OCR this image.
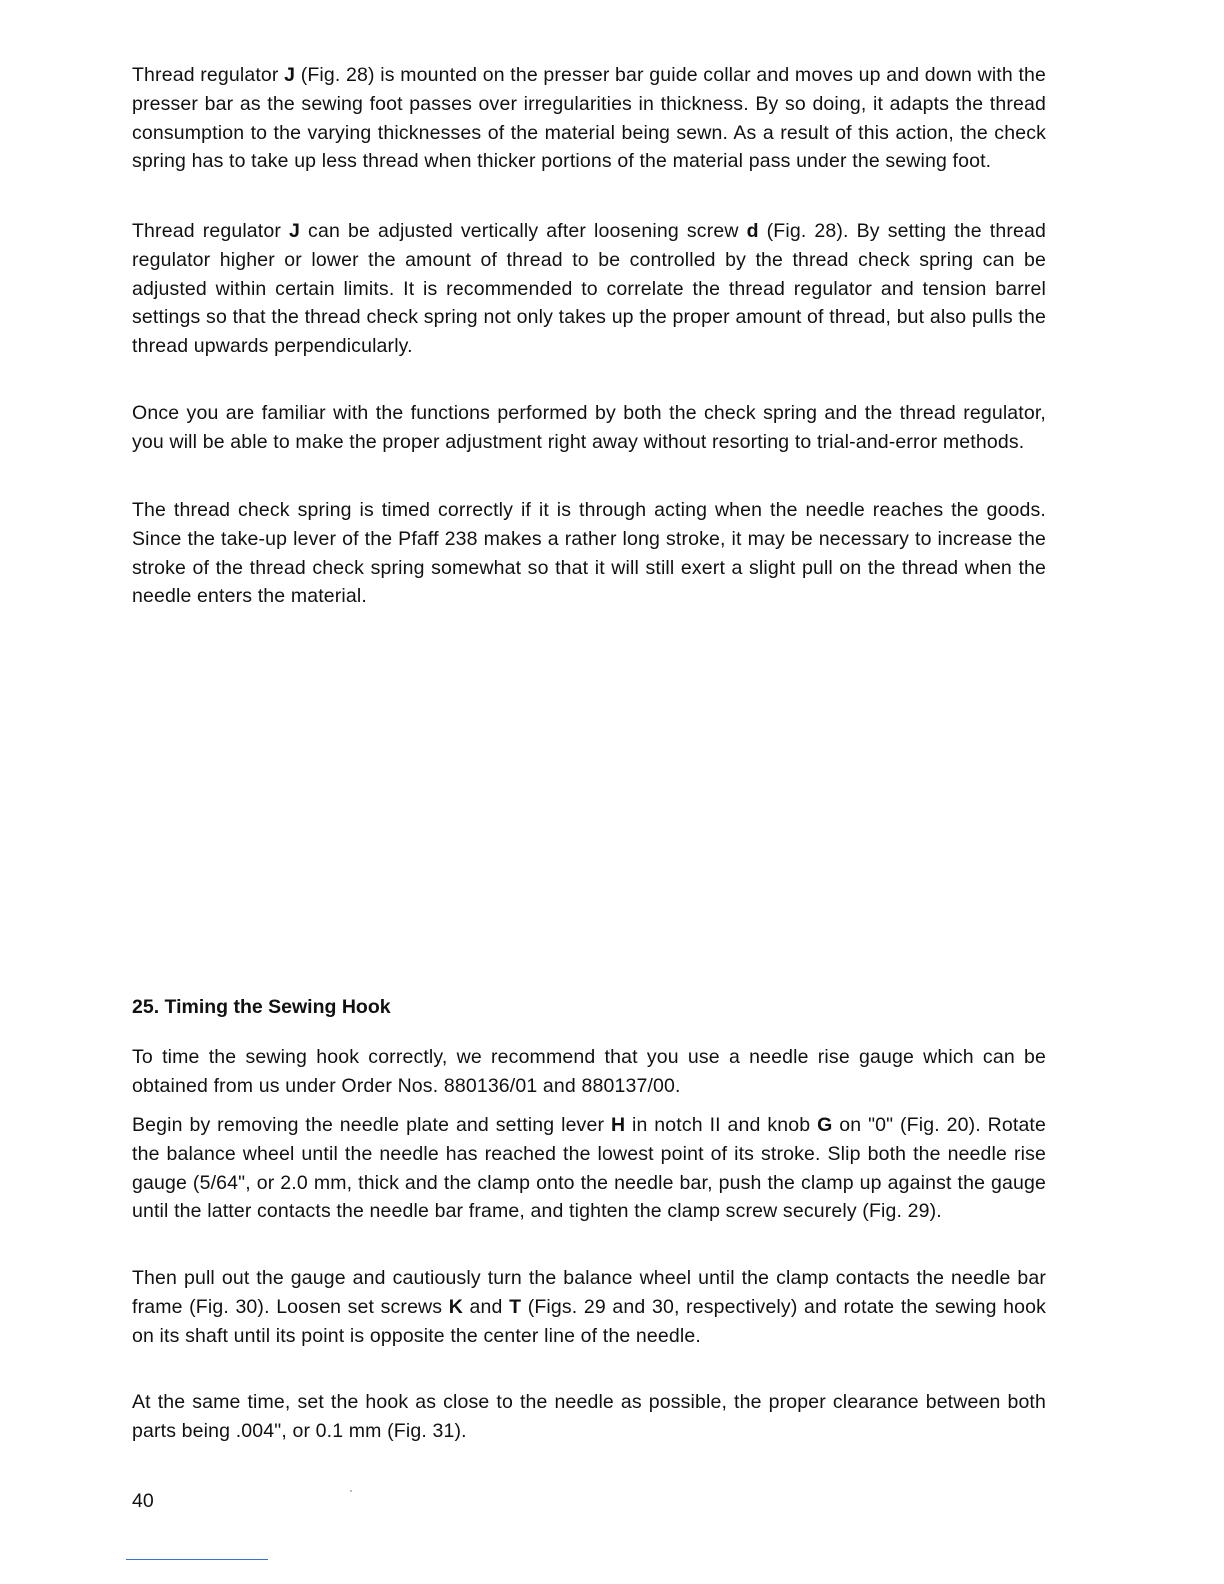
Thread regulator J (Fig. 28) is mounted on the presser bar guide collar and moves up and down with the presser bar as the sewing foot passes over irregularities in thickness. By so doing, it adapts the thread consumption to the varying thicknesses of the material being sewn. As a result of this action, the check spring has to take up less thread when thicker portions of the material pass under the sewing foot.

Thread regulator J can be adjusted vertically after loosening screw d (Fig. 28). By setting the thread regulator higher or lower the amount of thread to be controlled by the thread check spring can be adjusted within certain limits. It is recommended to correlate the thread regulator and tension barrel settings so that the thread check spring not only takes up the proper amount of thread, but also pulls the thread upwards perpendicularly.

Once you are familiar with the functions performed by both the check spring and the thread regulator, you will be able to make the proper adjustment right away without resorting to trial-and-error methods.

The thread check spring is timed correctly if it is through acting when the needle reaches the goods. Since the take-up lever of the Pfaff 238 makes a rather long stroke, it may be necessary to increase the stroke of the thread check spring somewhat so that it will still exert a slight pull on the thread when the needle enters the material.

25. Timing the Sewing Hook

To time the sewing hook correctly, we recommend that you use a needle rise gauge which can be obtained from us under Order Nos. 880136/01 and 880137/00.

Begin by removing the needle plate and setting lever H in notch II and knob G on "0" (Fig. 20). Rotate the balance wheel until the needle has reached the lowest point of its stroke. Slip both the needle rise gauge (5/64", or 2.0 mm, thick and the clamp onto the needle bar, push the clamp up against the gauge until the latter contacts the needle bar frame, and tighten the clamp screw securely (Fig. 29).

Then pull out the gauge and cautiously turn the balance wheel until the clamp contacts the needle bar frame (Fig. 30). Loosen set screws K and T (Figs. 29 and 30, respectively) and rotate the sewing hook on its shaft until its point is opposite the center line of the needle.

At the same time, set the hook as close to the needle as possible, the proper clearance between both parts being .004", or 0.1 mm (Fig. 31).

40
